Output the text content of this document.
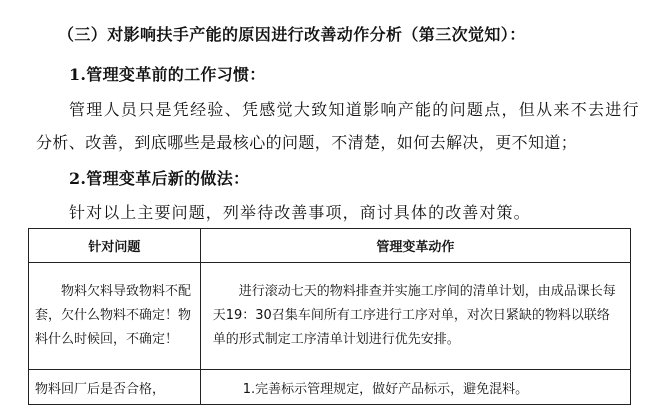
（三）对影响扶手产能的原因进行改善动作分析（第三次觉知）：
1.管理变革前的工作习惯：
管理人员只是凭经验、凭感觉大致知道影响产能的问题点，但从来不去进行
分析、改善，到底哪些是最核心的问题，不清楚，如何去解决，更不知道；
2.管理变革后新的做法：
针对以上主要问题，列举待改善事项，商讨具体的改善对策。
针对问题	管理变革动作

物料欠料导致物料不配套，欠什么物料不确定！物料什么时候回，不确定！	进行滚动七天的物料排查并实施工序间的清单计划，由成品课长每天19：30召集车间所有工序进行工序对单，对次日紧缺的物料以联络单的形式制定工序清单计划进行优先安排。

物料回厂后是否合格，	1.完善标示管理规定，做好产品标示，避免混料。
